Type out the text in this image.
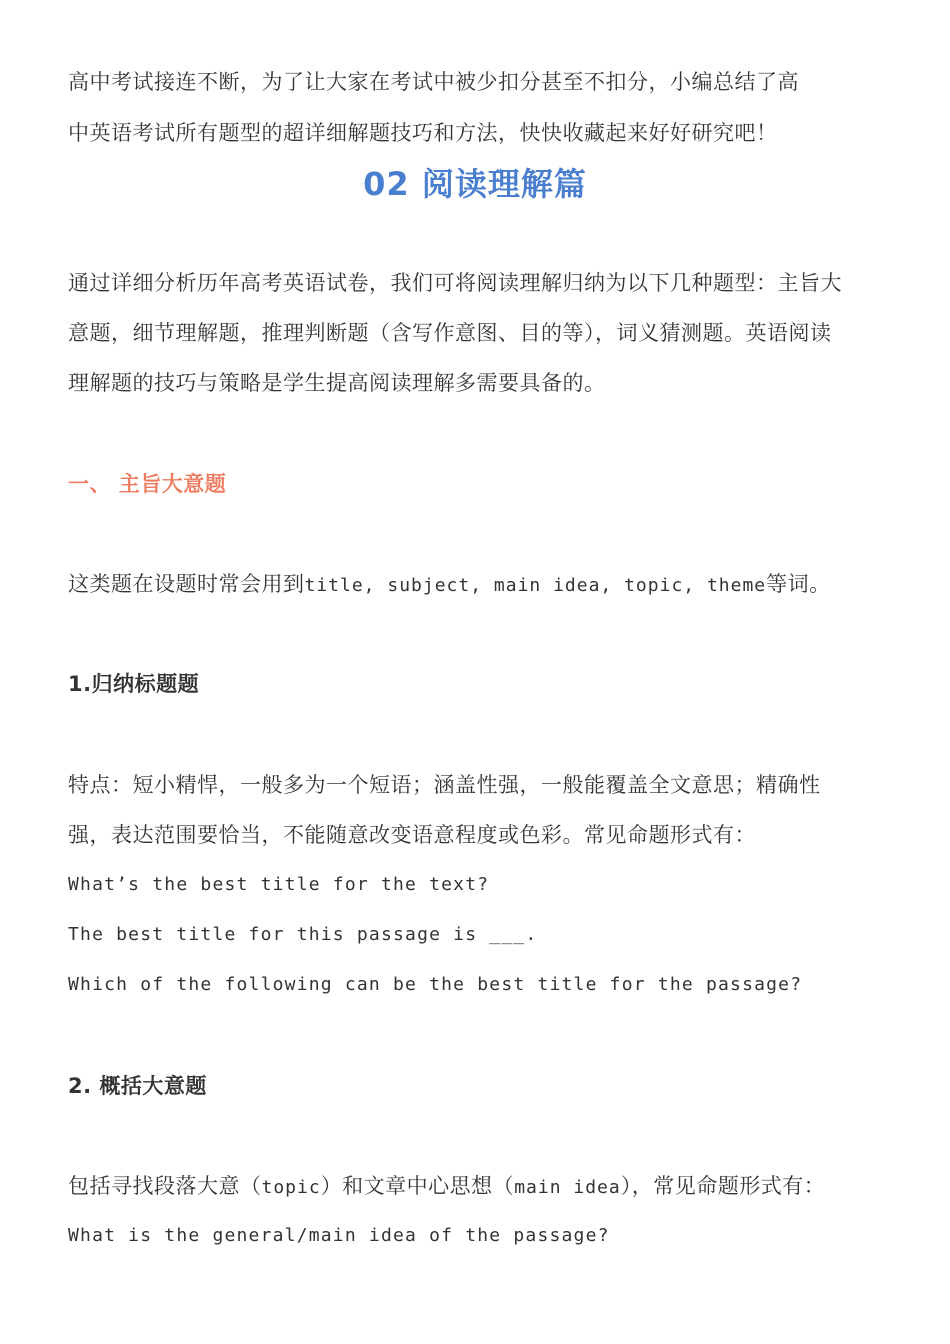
高中考试接连不断，为了让大家在考试中被少扣分甚至不扣分，小编总结了高
中英语考试所有题型的超详细解题技巧和方法，快快收藏起来好好研究吧！
02 阅读理解篇
通过详细分析历年高考英语试卷，我们可将阅读理解归纳为以下几种题型：主旨大
意题，细节理解题，推理判断题（含写作意图、目的等），词义猜测题。英语阅读
理解题的技巧与策略是学生提高阅读理解多需要具备的。
一、 主旨大意题
这类题在设题时常会用到title, subject, main idea, topic, theme等词。
1.归纳标题题
特点：短小精悍，一般多为一个短语；涵盖性强，一般能覆盖全文意思；精确性
强，表达范围要恰当，不能随意改变语意程度或色彩。常见命题形式有：
What’s the best title for the text?
The best title for this passage is ___.
Which of the following can be the best title for the passage?
2. 概括大意题
包括寻找段落大意（topic）和文章中心思想（main idea），常见命题形式有：
What is the general/main idea of the passage?
